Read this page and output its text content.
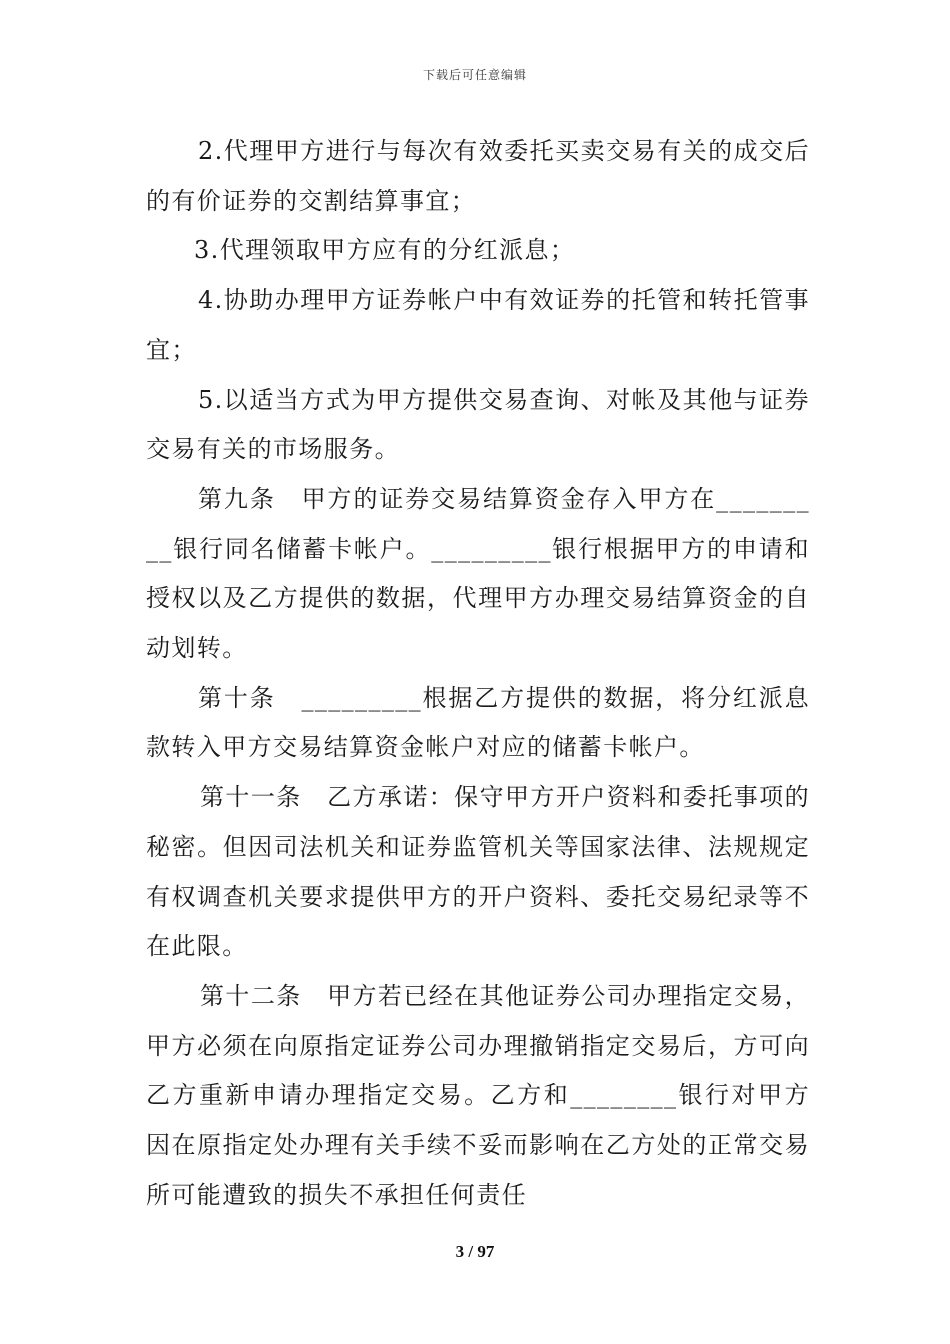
下载后可任意编辑

2.代理甲方进行与每次有效委托买卖交易有关的成交后的有价证券的交割结算事宜；

3.代理领取甲方应有的分红派息；

4.协助办理甲方证券帐户中有效证券的托管和转托管事宜；

5.以适当方式为甲方提供交易查询、对帐及其他与证券交易有关的市场服务。

第九条　甲方的证券交易结算资金存入甲方在_________银行同名储蓄卡帐户。_________银行根据甲方的申请和授权以及乙方提供的数据，代理甲方办理交易结算资金的自动划转。

第十条　_________根据乙方提供的数据，将分红派息款转入甲方交易结算资金帐户对应的储蓄卡帐户。

第十一条　乙方承诺：保守甲方开户资料和委托事项的秘密。但因司法机关和证券监管机关等国家法律、法规规定有权调查机关要求提供甲方的开户资料、委托交易纪录等不在此限。

第十二条　甲方若已经在其他证券公司办理指定交易，甲方必须在向原指定证券公司办理撤销指定交易后，方可向乙方重新申请办理指定交易。乙方和________银行对甲方因在原指定处办理有关手续不妥而影响在乙方处的正常交易所可能遭致的损失不承担任何责任

3 / 97
